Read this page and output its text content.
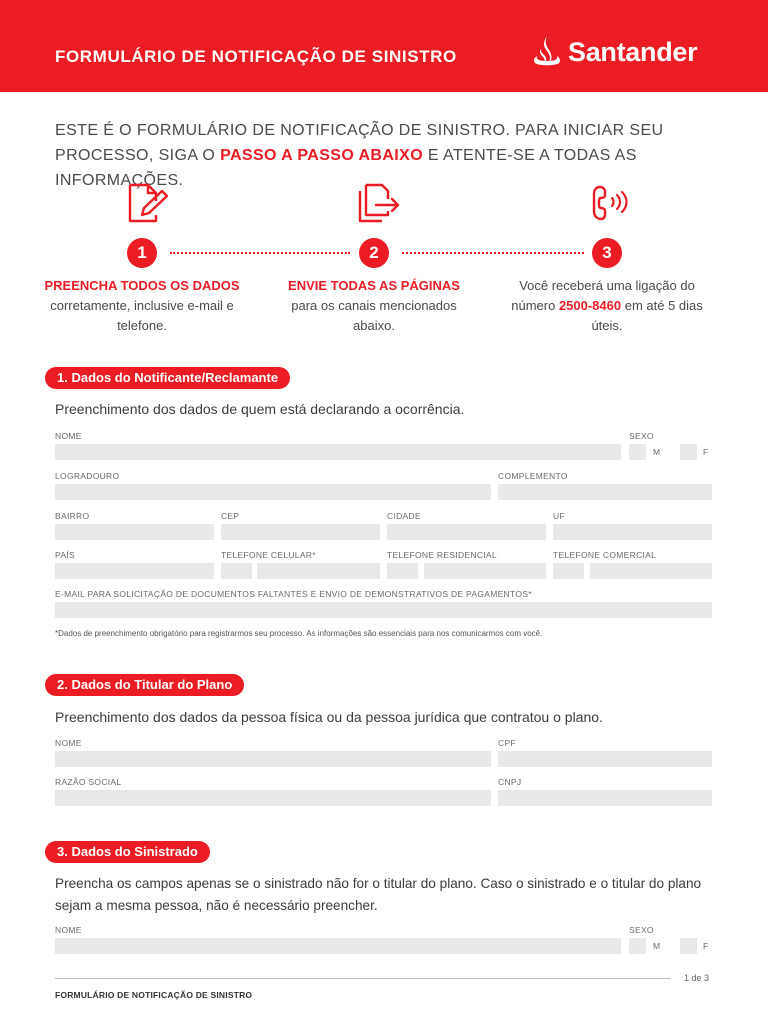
FORMULÁRIO DE NOTIFICAÇÃO DE SINISTRO	Santander
ESTE É O FORMULÁRIO DE NOTIFICAÇÃO DE SINISTRO. PARA INICIAR SEU PROCESSO, SIGA O PASSO A PASSO ABAIXO E ATENTE-SE A TODAS AS INFORMAÇÕES.
1	2	3
PREENCHA TODOS OS DADOS corretamente, inclusive e-mail e telefone.
ENVIE TODAS AS PÁGINAS para os canais mencionados abaixo.
Você receberá uma ligação do número 2500-8460 em até 5 dias úteis.
1. Dados do Notificante/Reclamante
Preenchimento dos dados de quem está declarando a ocorrência.
NOME	SEXO
M	F
LOGRADOURO	COMPLEMENTO
BAIRRO	CEP	CIDADE	UF
PAÍS	TELEFONE CELULAR*	TELEFONE RESIDENCIAL	TELEFONE COMERCIAL
E-MAIL PARA SOLICITAÇÃO DE DOCUMENTOS FALTANTES E ENVIO DE DEMONSTRATIVOS DE PAGAMENTOS*
*Dados de preenchimento obrigatório para registrarmos seu processo. As informações são essenciais para nos comunicarmos com você.
2. Dados do Titular do Plano
Preenchimento dos dados da pessoa física ou da pessoa jurídica que contratou o plano.
NOME	CPF
RAZÃO SOCIAL	CNPJ
3. Dados do Sinistrado
Preencha os campos apenas se o sinistrado não for o titular do plano. Caso o sinistrado e o titular do plano sejam a mesma pessoa, não é necessário preencher.
NOME	SEXO
M	F
1 de 3
FORMULÁRIO DE NOTIFICAÇÃO DE SINISTRO
